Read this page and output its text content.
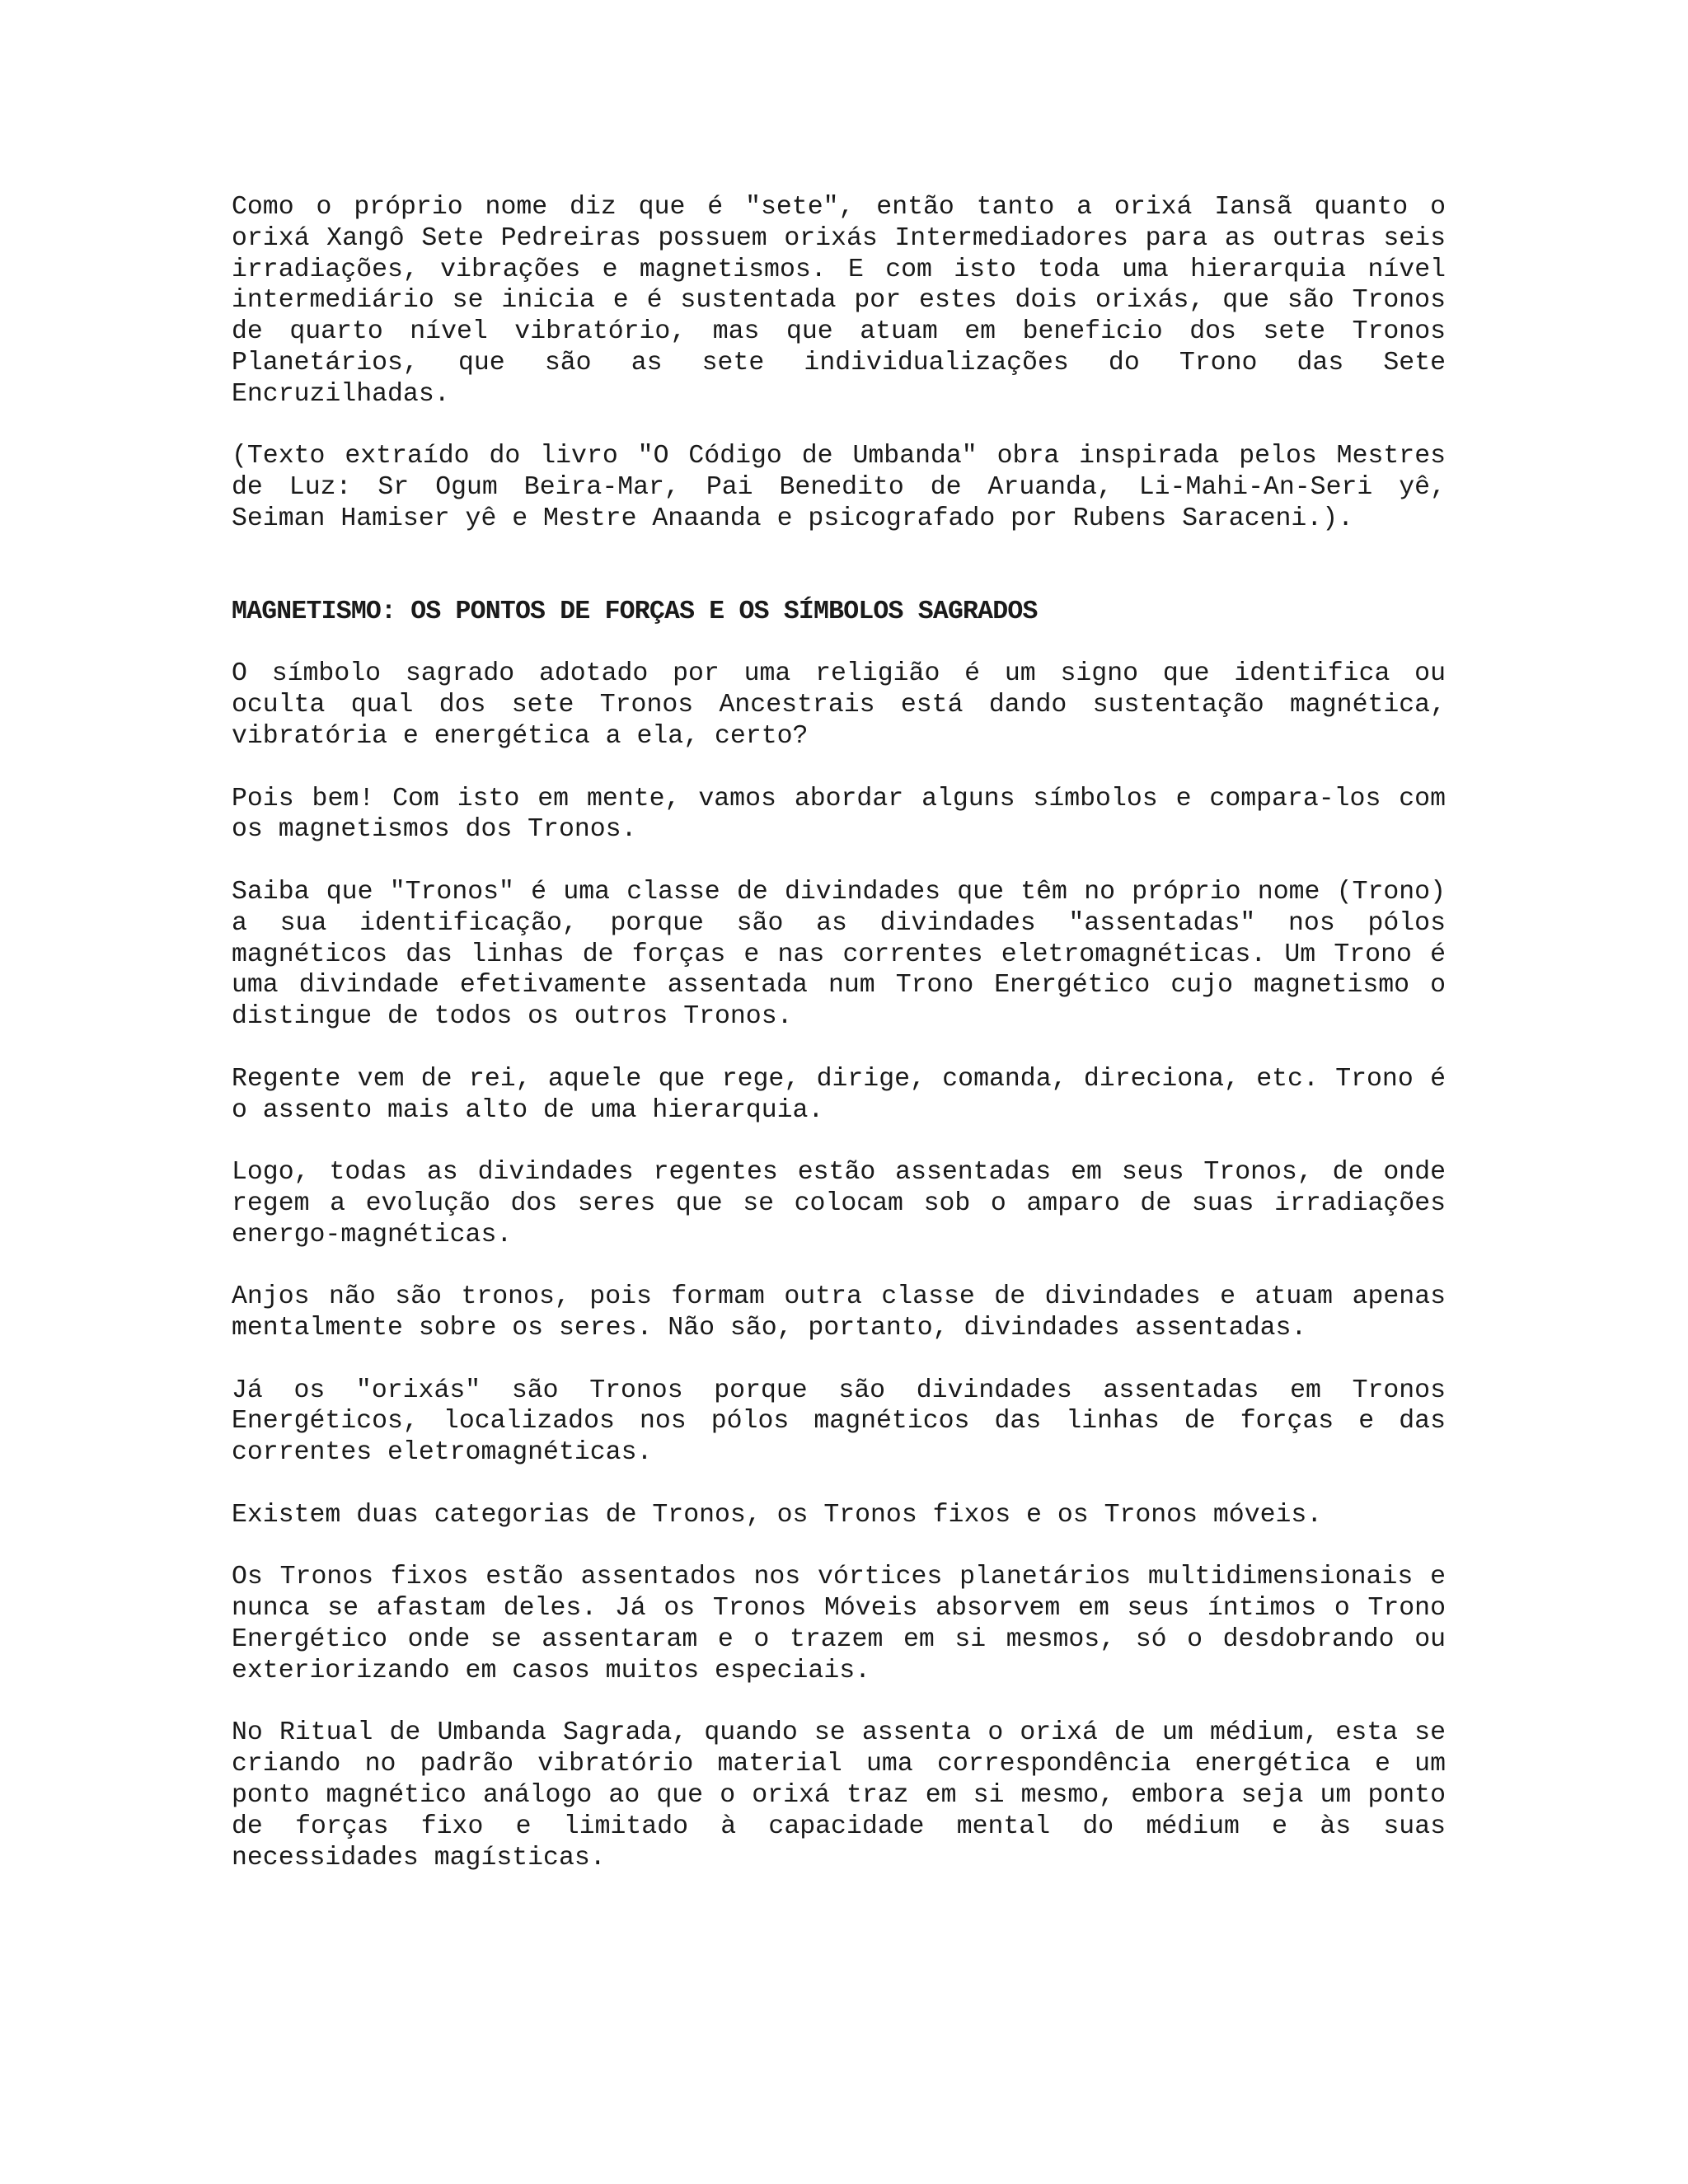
Como o próprio nome diz que é "sete", então tanto a orixá Iansã quanto o orixá Xangô Sete Pedreiras possuem orixás Intermediadores para as outras seis irradiações, vibrações e magnetismos. E com isto toda uma hierarquia nível intermediário se inicia e é sustentada por estes dois orixás, que são Tronos de quarto nível vibratório, mas que atuam em beneficio dos sete Tronos Planetários, que são as sete individualizações do Trono das Sete Encruzilhadas.

(Texto extraído do livro "O Código de Umbanda" obra inspirada pelos Mestres de Luz: Sr Ogum Beira-Mar, Pai Benedito de Aruanda, Li-Mahi-An-Seri yê, Seiman Hamiser yê e Mestre Anaanda e psicografado por Rubens Saraceni.).

MAGNETISMO: OS PONTOS DE FORÇAS E OS SÍMBOLOS SAGRADOS

O símbolo sagrado adotado por uma religião é um signo que identifica ou oculta qual dos sete Tronos Ancestrais está dando sustentação magnética, vibratória e energética a ela, certo?

Pois bem! Com isto em mente, vamos abordar alguns símbolos e compara-los com os magnetismos dos Tronos.

Saiba que "Tronos" é uma classe de divindades que têm no próprio nome (Trono) a sua identificação, porque são as divindades "assentadas" nos pólos magnéticos das linhas de forças e nas correntes eletromagnéticas. Um Trono é uma divindade efetivamente assentada num Trono Energético cujo magnetismo o distingue de todos os outros Tronos.

Regente vem de rei, aquele que rege, dirige, comanda, direciona, etc. Trono é o assento mais alto de uma hierarquia.

Logo, todas as divindades regentes estão assentadas em seus Tronos, de onde regem a evolução dos seres que se colocam sob o amparo de suas irradiações energo-magnéticas.

Anjos não são tronos, pois formam outra classe de divindades e atuam apenas mentalmente sobre os seres. Não são, portanto, divindades assentadas.

Já os "orixás" são Tronos porque são divindades assentadas em Tronos Energéticos, localizados nos pólos magnéticos das linhas de forças e das correntes eletromagnéticas.

Existem duas categorias de Tronos, os Tronos fixos e os Tronos móveis.

Os Tronos fixos estão assentados nos vórtices planetários multidimensionais e nunca se afastam deles. Já os Tronos Móveis absorvem em seus íntimos o Trono Energético onde se assentaram e o trazem em si mesmos, só o desdobrando ou exteriorizando em casos muitos especiais.

No Ritual de Umbanda Sagrada, quando se assenta o orixá de um médium, esta se criando no padrão vibratório material uma correspondência energética e um ponto magnético análogo ao que o orixá traz em si mesmo, embora seja um ponto de forças fixo e limitado à capacidade mental do médium e às suas necessidades magísticas.
